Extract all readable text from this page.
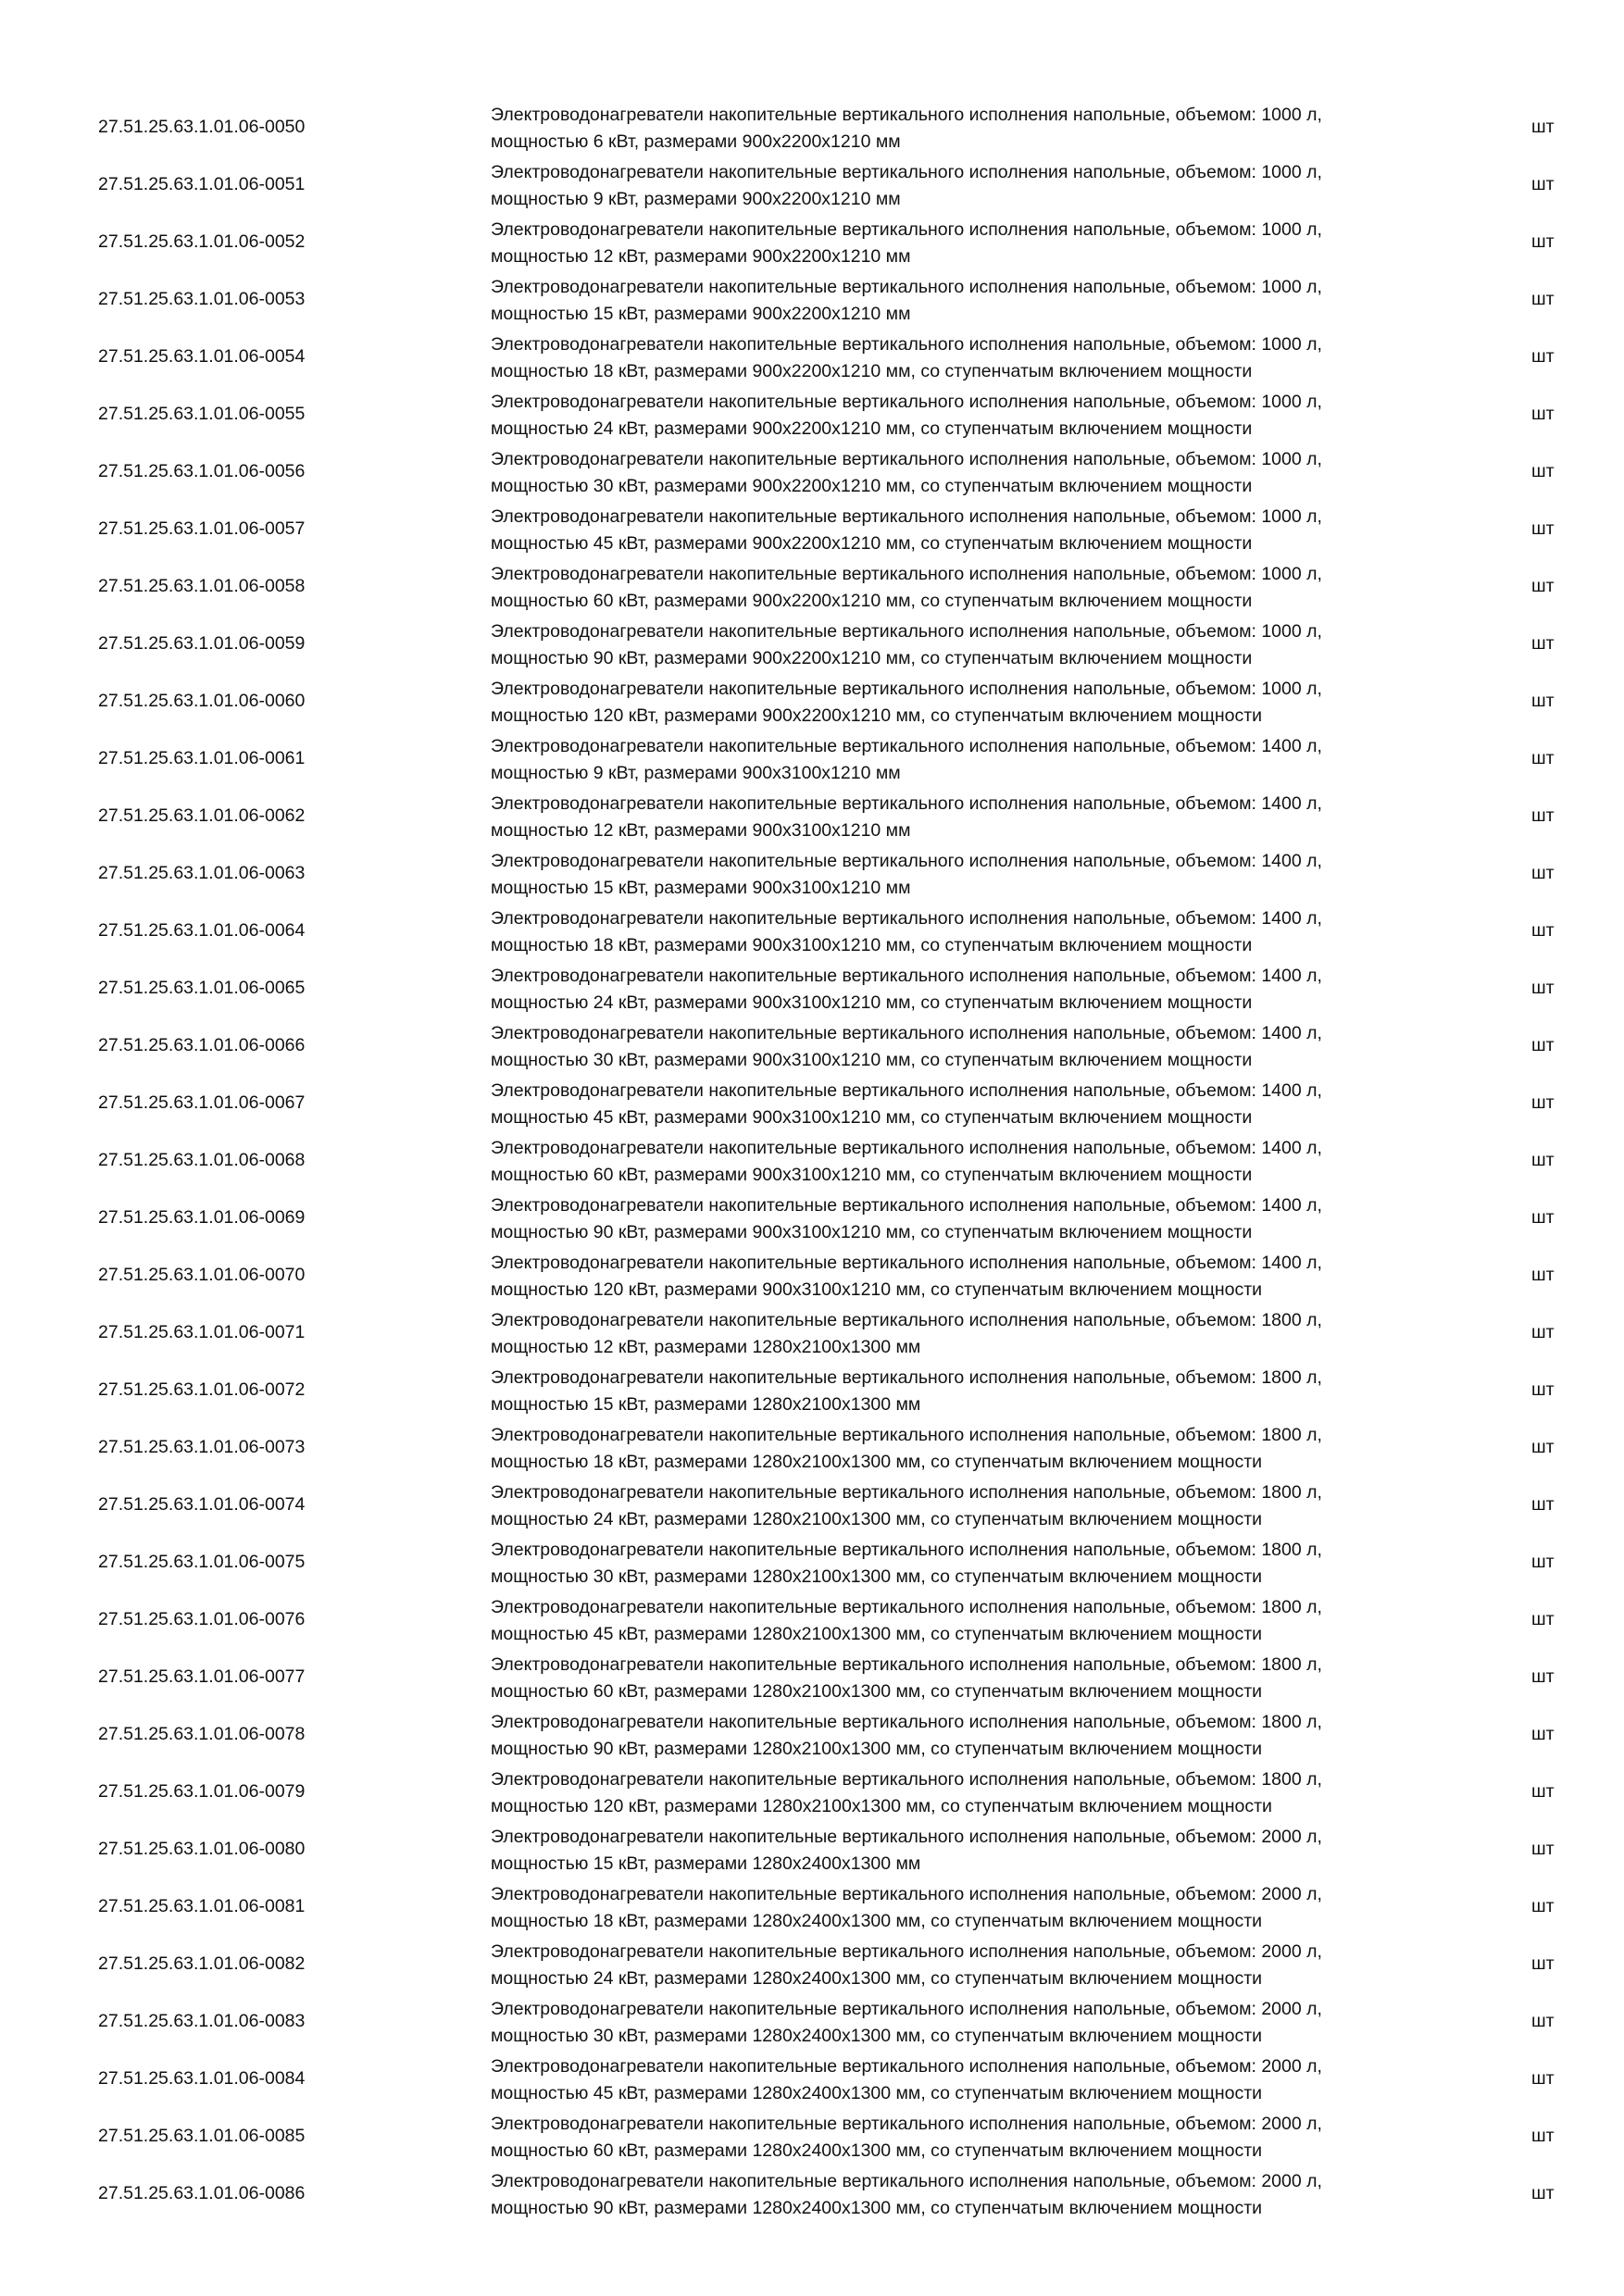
27.51.25.63.1.01.06-0050
Электроводонагреватели накопительные вертикального исполнения напольные, объемом: 1000 л,
мощностью 6 кВт, размерами 900х2200х1210 мм
шт
27.51.25.63.1.01.06-0051
Электроводонагреватели накопительные вертикального исполнения напольные, объемом: 1000 л,
мощностью 9 кВт, размерами 900х2200х1210 мм
шт
27.51.25.63.1.01.06-0052
Электроводонагреватели накопительные вертикального исполнения напольные, объемом: 1000 л,
мощностью 12 кВт, размерами 900х2200х1210 мм
шт
27.51.25.63.1.01.06-0053
Электроводонагреватели накопительные вертикального исполнения напольные, объемом: 1000 л,
мощностью 15 кВт, размерами 900х2200х1210 мм
шт
27.51.25.63.1.01.06-0054
Электроводонагреватели накопительные вертикального исполнения напольные, объемом: 1000 л,
мощностью 18 кВт, размерами 900х2200х1210 мм, со ступенчатым включением мощности
шт
27.51.25.63.1.01.06-0055
Электроводонагреватели накопительные вертикального исполнения напольные, объемом: 1000 л,
мощностью 24 кВт, размерами 900х2200х1210 мм, со ступенчатым включением мощности
шт
27.51.25.63.1.01.06-0056
Электроводонагреватели накопительные вертикального исполнения напольные, объемом: 1000 л,
мощностью 30 кВт, размерами 900х2200х1210 мм, со ступенчатым включением мощности
шт
27.51.25.63.1.01.06-0057
Электроводонагреватели накопительные вертикального исполнения напольные, объемом: 1000 л,
мощностью 45 кВт, размерами 900х2200х1210 мм, со ступенчатым включением мощности
шт
27.51.25.63.1.01.06-0058
Электроводонагреватели накопительные вертикального исполнения напольные, объемом: 1000 л,
мощностью 60 кВт, размерами 900х2200х1210 мм, со ступенчатым включением мощности
шт
27.51.25.63.1.01.06-0059
Электроводонагреватели накопительные вертикального исполнения напольные, объемом: 1000 л,
мощностью 90 кВт, размерами 900х2200х1210 мм, со ступенчатым включением мощности
шт
27.51.25.63.1.01.06-0060
Электроводонагреватели накопительные вертикального исполнения напольные, объемом: 1000 л,
мощностью 120 кВт, размерами 900х2200х1210 мм, со ступенчатым включением мощности
шт
27.51.25.63.1.01.06-0061
Электроводонагреватели накопительные вертикального исполнения напольные, объемом: 1400 л,
мощностью 9 кВт, размерами 900х3100х1210 мм
шт
27.51.25.63.1.01.06-0062
Электроводонагреватели накопительные вертикального исполнения напольные, объемом: 1400 л,
мощностью 12 кВт, размерами 900х3100х1210 мм
шт
27.51.25.63.1.01.06-0063
Электроводонагреватели накопительные вертикального исполнения напольные, объемом: 1400 л,
мощностью 15 кВт, размерами 900х3100х1210 мм
шт
27.51.25.63.1.01.06-0064
Электроводонагреватели накопительные вертикального исполнения напольные, объемом: 1400 л,
мощностью 18 кВт, размерами 900х3100х1210 мм, со ступенчатым включением мощности
шт
27.51.25.63.1.01.06-0065
Электроводонагреватели накопительные вертикального исполнения напольные, объемом: 1400 л,
мощностью 24 кВт, размерами 900х3100х1210 мм, со ступенчатым включением мощности
шт
27.51.25.63.1.01.06-0066
Электроводонагреватели накопительные вертикального исполнения напольные, объемом: 1400 л,
мощностью 30 кВт, размерами 900х3100х1210 мм, со ступенчатым включением мощности
шт
27.51.25.63.1.01.06-0067
Электроводонагреватели накопительные вертикального исполнения напольные, объемом: 1400 л,
мощностью 45 кВт, размерами 900х3100х1210 мм, со ступенчатым включением мощности
шт
27.51.25.63.1.01.06-0068
Электроводонагреватели накопительные вертикального исполнения напольные, объемом: 1400 л,
мощностью 60 кВт, размерами 900х3100х1210 мм, со ступенчатым включением мощности
шт
27.51.25.63.1.01.06-0069
Электроводонагреватели накопительные вертикального исполнения напольные, объемом: 1400 л,
мощностью 90 кВт, размерами 900х3100х1210 мм, со ступенчатым включением мощности
шт
27.51.25.63.1.01.06-0070
Электроводонагреватели накопительные вертикального исполнения напольные, объемом: 1400 л,
мощностью 120 кВт, размерами 900х3100х1210 мм, со ступенчатым включением мощности
шт
27.51.25.63.1.01.06-0071
Электроводонагреватели накопительные вертикального исполнения напольные, объемом: 1800 л,
мощностью 12 кВт, размерами 1280х2100х1300 мм
шт
27.51.25.63.1.01.06-0072
Электроводонагреватели накопительные вертикального исполнения напольные, объемом: 1800 л,
мощностью 15 кВт, размерами 1280х2100х1300 мм
шт
27.51.25.63.1.01.06-0073
Электроводонагреватели накопительные вертикального исполнения напольные, объемом: 1800 л,
мощностью 18 кВт, размерами 1280х2100х1300 мм, со ступенчатым включением мощности
шт
27.51.25.63.1.01.06-0074
Электроводонагреватели накопительные вертикального исполнения напольные, объемом: 1800 л,
мощностью 24 кВт, размерами 1280х2100х1300 мм, со ступенчатым включением мощности
шт
27.51.25.63.1.01.06-0075
Электроводонагреватели накопительные вертикального исполнения напольные, объемом: 1800 л,
мощностью 30 кВт, размерами 1280х2100х1300 мм, со ступенчатым включением мощности
шт
27.51.25.63.1.01.06-0076
Электроводонагреватели накопительные вертикального исполнения напольные, объемом: 1800 л,
мощностью 45 кВт, размерами 1280х2100х1300 мм, со ступенчатым включением мощности
шт
27.51.25.63.1.01.06-0077
Электроводонагреватели накопительные вертикального исполнения напольные, объемом: 1800 л,
мощностью 60 кВт, размерами 1280х2100х1300 мм, со ступенчатым включением мощности
шт
27.51.25.63.1.01.06-0078
Электроводонагреватели накопительные вертикального исполнения напольные, объемом: 1800 л,
мощностью 90 кВт, размерами 1280х2100х1300 мм, со ступенчатым включением мощности
шт
27.51.25.63.1.01.06-0079
Электроводонагреватели накопительные вертикального исполнения напольные, объемом: 1800 л,
мощностью 120 кВт, размерами 1280х2100х1300 мм, со ступенчатым включением мощности
шт
27.51.25.63.1.01.06-0080
Электроводонагреватели накопительные вертикального исполнения напольные, объемом: 2000 л,
мощностью 15 кВт, размерами 1280х2400х1300 мм
шт
27.51.25.63.1.01.06-0081
Электроводонагреватели накопительные вертикального исполнения напольные, объемом: 2000 л,
мощностью 18 кВт, размерами 1280х2400х1300 мм, со ступенчатым включением мощности
шт
27.51.25.63.1.01.06-0082
Электроводонагреватели накопительные вертикального исполнения напольные, объемом: 2000 л,
мощностью 24 кВт, размерами 1280х2400х1300 мм, со ступенчатым включением мощности
шт
27.51.25.63.1.01.06-0083
Электроводонагреватели накопительные вертикального исполнения напольные, объемом: 2000 л,
мощностью 30 кВт, размерами 1280х2400х1300 мм, со ступенчатым включением мощности
шт
27.51.25.63.1.01.06-0084
Электроводонагреватели накопительные вертикального исполнения напольные, объемом: 2000 л,
мощностью 45 кВт, размерами 1280х2400х1300 мм, со ступенчатым включением мощности
шт
27.51.25.63.1.01.06-0085
Электроводонагреватели накопительные вертикального исполнения напольные, объемом: 2000 л,
мощностью 60 кВт, размерами 1280х2400х1300 мм, со ступенчатым включением мощности
шт
27.51.25.63.1.01.06-0086
Электроводонагреватели накопительные вертикального исполнения напольные, объемом: 2000 л,
мощностью 90 кВт, размерами 1280х2400х1300 мм, со ступенчатым включением мощности
шт
